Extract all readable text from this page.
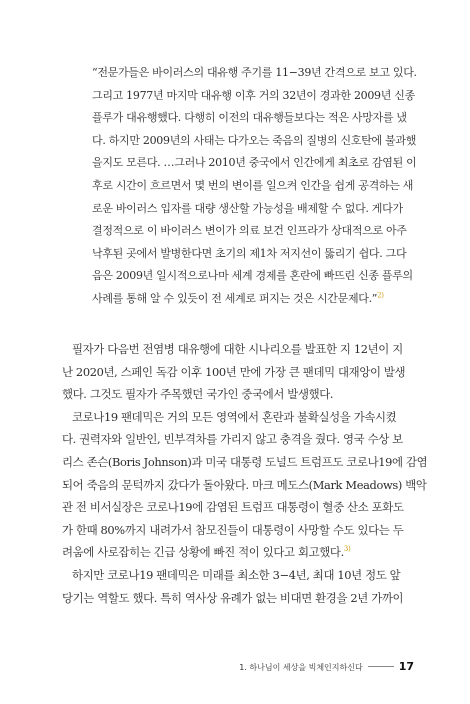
“전문가들은 바이러스의 대유행 주기를 11−39년 간격으로 보고 있다.
그리고 1977년 마지막 대유행 이후 거의 32년이 경과한 2009년 신종
플루가 대유행했다. 다행히 이전의 대유행들보다는 적은 사망자를 냈
다. 하지만 2009년의 사태는 다가오는 죽음의 질병의 신호탄에 불과했
을지도 모른다. …그러나 2010년 중국에서 인간에게 최초로 감염된 이
후로 시간이 흐르면서 몇 번의 변이를 일으켜 인간을 쉽게 공격하는 새
로운 바이러스 입자를 대량 생산할 가능성을 배제할 수 없다. 게다가
결정적으로 이 바이러스 변이가 의료 보건 인프라가 상대적으로 아주
낙후된 곳에서 발병한다면 초기의 제1차 저지선이 뚫리기 쉽다. 그다
음은 2009년 일시적으로나마 세계 경제를 혼란에 빠뜨린 신종 플루의
사례를 통해 알 수 있듯이 전 세계로 퍼지는 것은 시간문제다.”$^{2)}$
필자가 다음번 전염병 대유행에 대한 시나리오를 발표한 지 12년이 지
난 2020년, 스페인 독감 이후 100년 만에 가장 큰 팬데믹 대재앙이 발생
했다. 그것도 필자가 주목했던 국가인 중국에서 발생했다.
코로나19 팬데믹은 거의 모든 영역에서 혼란과 불확실성을 가속시켰
다. 권력자와 일반인, 빈부격차를 가리지 않고 충격을 줬다. 영국 수상 보
리스 존슨(Boris Johnson)과 미국 대통령 도널드 트럼프도 코로나19에 감염
되어 죽음의 문턱까지 갔다가 돌아왔다. 마크 메도스(Mark Meadows) 백악
관 전 비서실장은 코로나19에 감염된 트럼프 대통령이 혈중 산소 포화도
가 한때 80%까지 내려가서 참모진들이 대통령이 사망할 수도 있다는 두
려움에 사로잡히는 긴급 상황에 빠진 적이 있다고 회고했다.$^{3)}$
하지만 코로나19 팬데믹은 미래를 최소한 3−4년, 최대 10년 정도 앞
당기는 역할도 했다. 특히 역사상 유례가 없는 비대면 환경을 2년 가까이
1. 하나님이 세상을 빅체인지하신다	17
